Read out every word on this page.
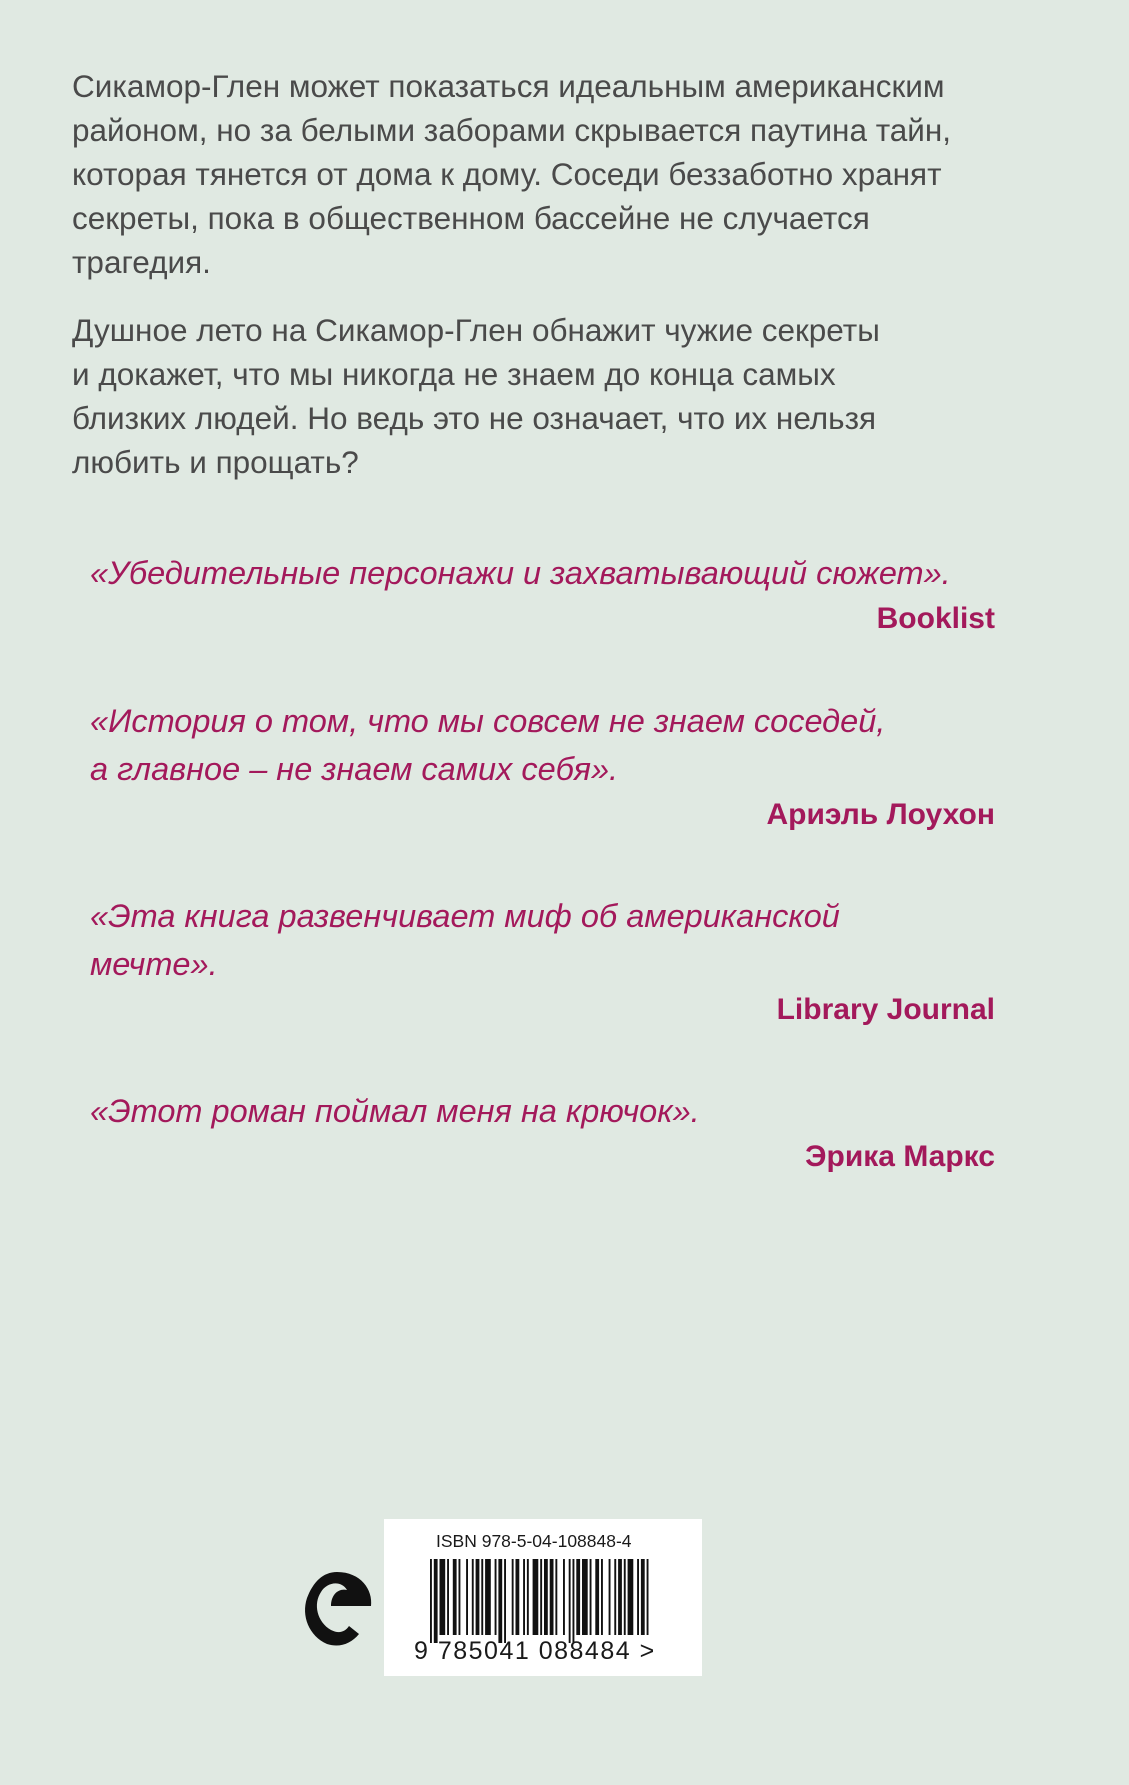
Сикамор-Глен может показаться идеальным американским
районом, но за белыми заборами скрывается паутина тайн,
которая тянется от дома к дому. Соседи беззаботно хранят
секреты, пока в общественном бассейне не случается
трагедия.

Душное лето на Сикамор-Глен обнажит чужие секреты
и докажет, что мы никогда не знаем до конца самых
близких людей. Но ведь это не означает, что их нельзя
любить и прощать?

«Убедительные персонажи и захватывающий сюжет».
Booklist
«История о том, что мы совсем не знаем соседей,
а главное – не знаем самих себя».
Ариэль Лоухон
«Эта книга развенчивает миф об американской
мечте».
Library Journal
«Этот роман поймал меня на крючок».
Эрика Маркс
ISBN 978-5-04-108848-4
9 785041 088484 >
